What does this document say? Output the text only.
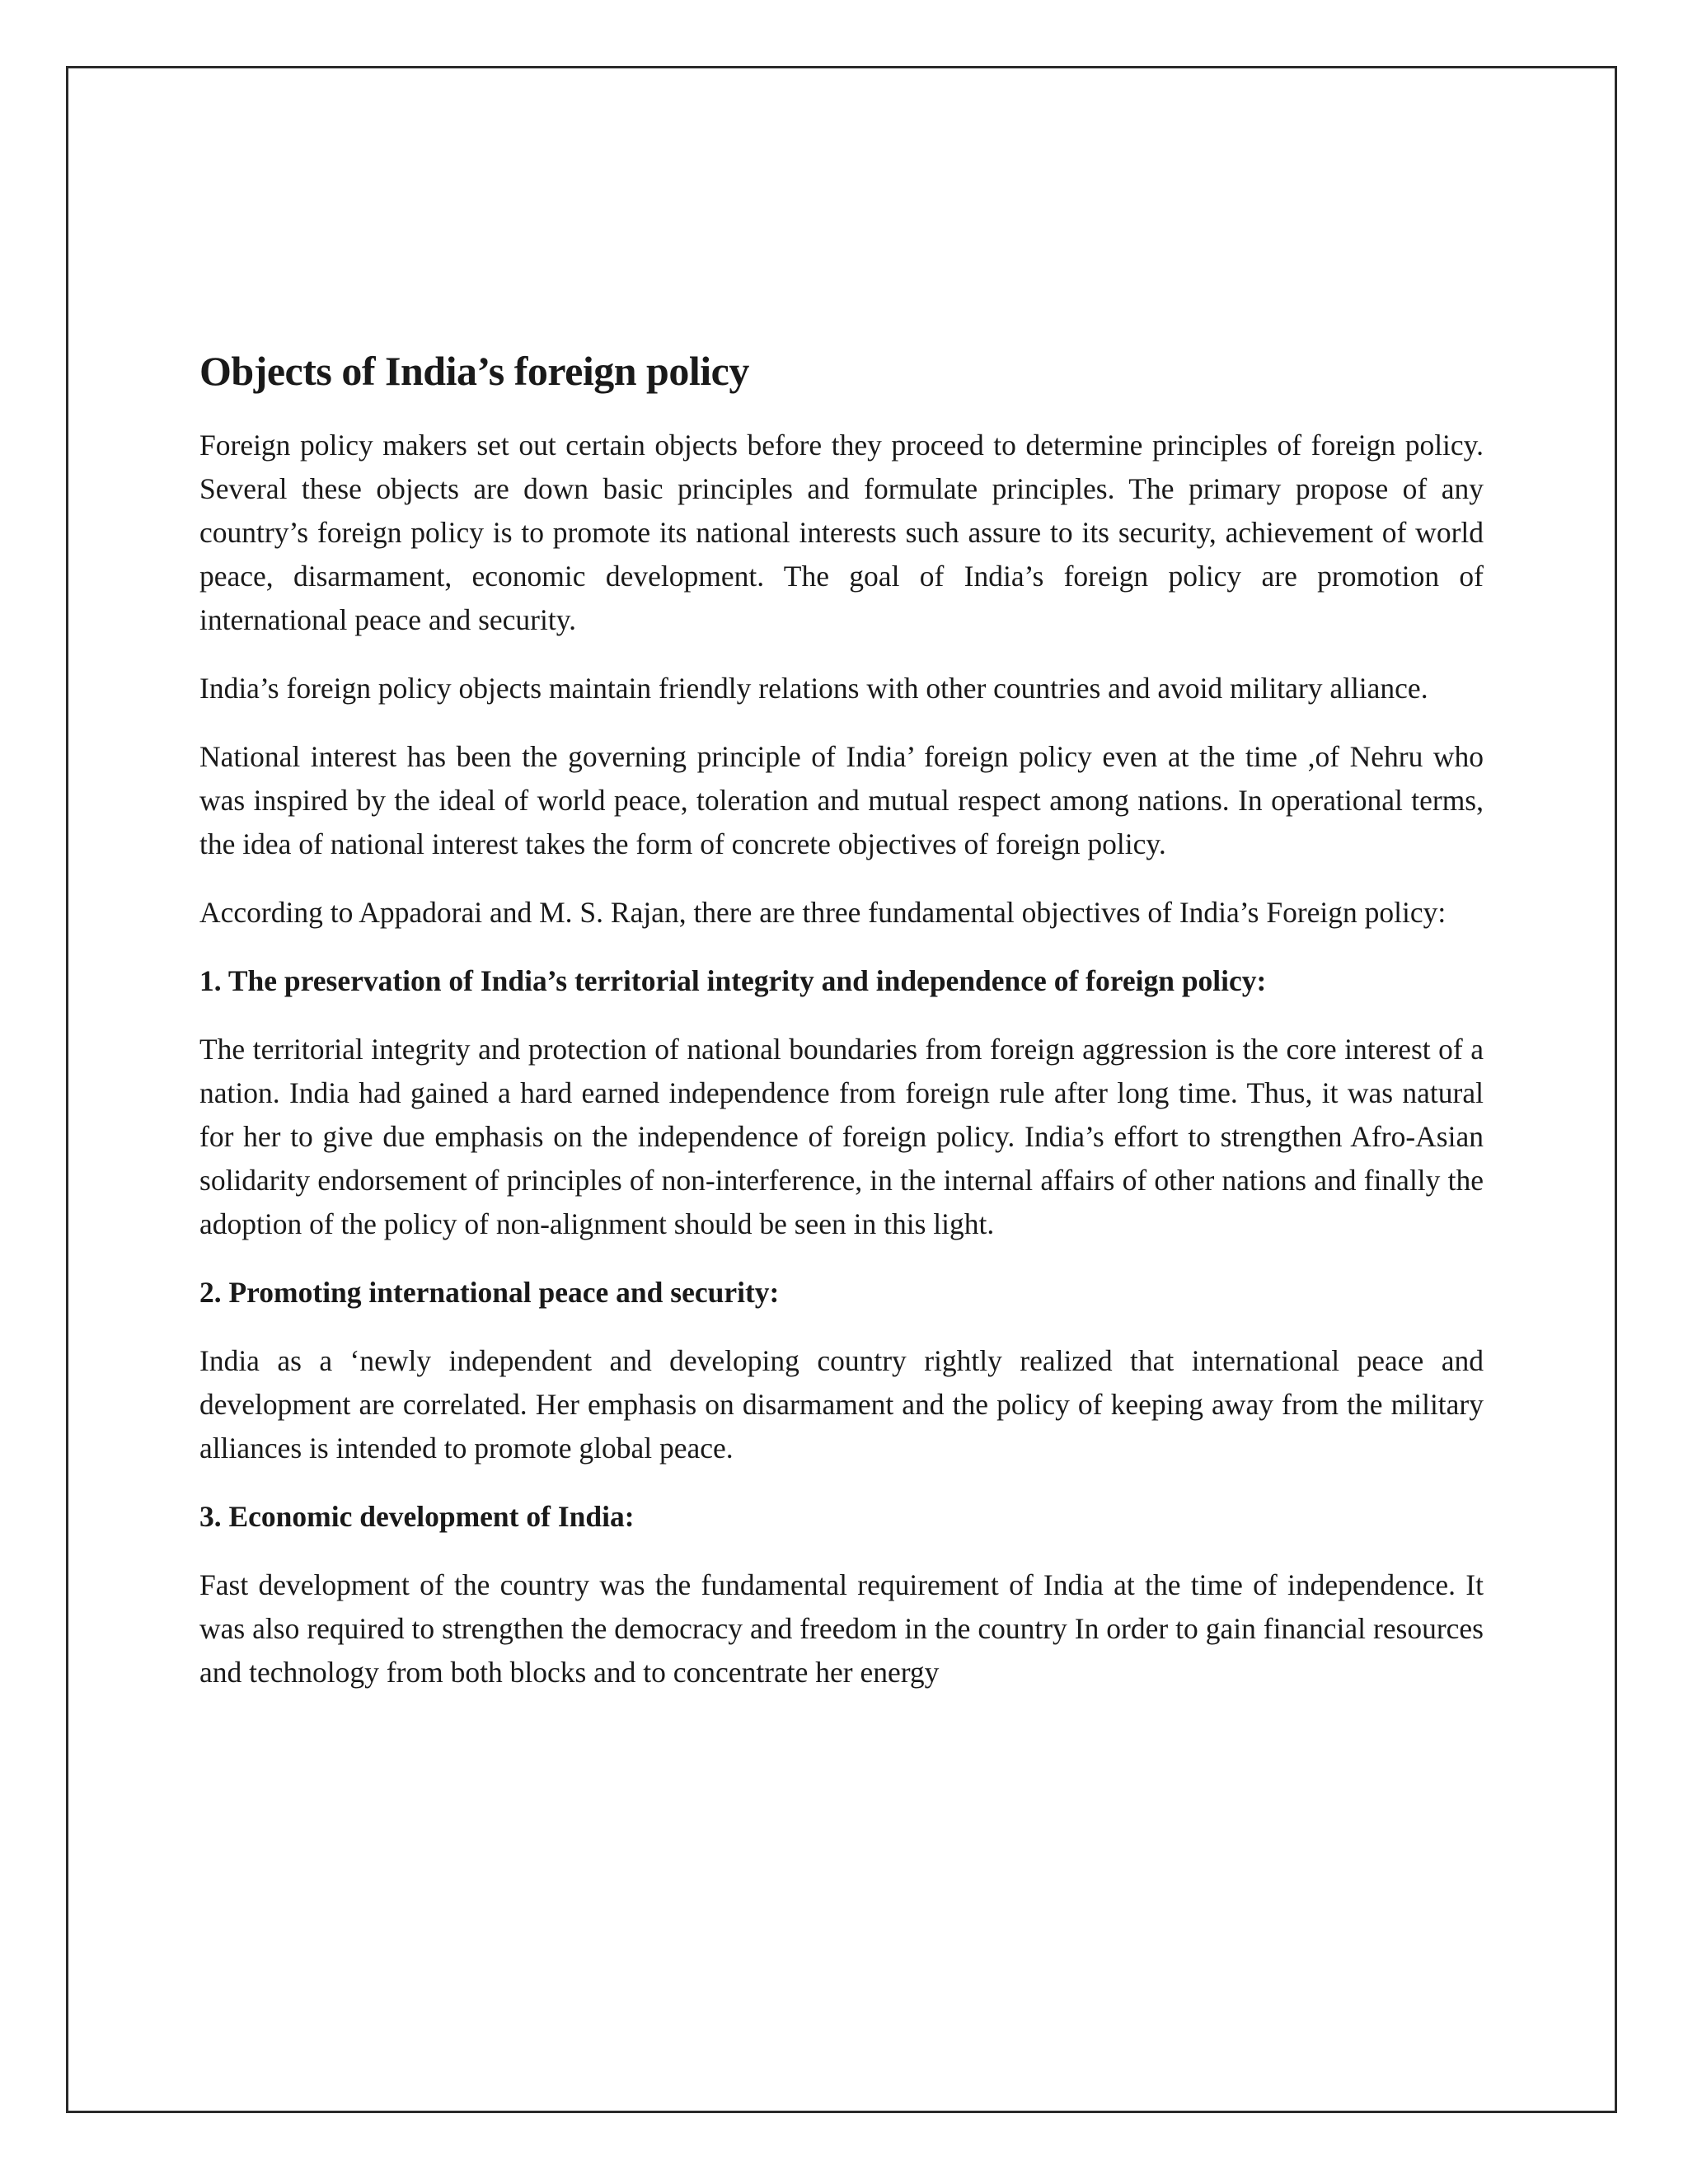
Objects of India’s foreign policy

Foreign policy makers set out certain objects before they proceed to determine principles of foreign policy. Several these objects are down basic principles and formulate principles. The primary propose of any country’s foreign policy is to promote its national interests such assure to its security, achievement of world peace, disarmament, economic development. The goal of India’s foreign policy are promotion of international peace and security.

India’s foreign policy objects maintain friendly relations with other countries and avoid military alliance.

National interest has been the governing principle of India’ foreign policy even at the time ,of Nehru who was inspired by the ideal of world peace, toleration and mutual respect among nations. In operational terms, the idea of national interest takes the form of concrete objectives of foreign policy.

According to Appadorai and M. S. Rajan, there are three fundamental objectives of India’s Foreign policy:

1. The preservation of India’s territorial integrity and independence of foreign policy:

The territorial integrity and protection of national boundaries from foreign aggression is the core interest of a nation. India had gained a hard earned independence from foreign rule after long time. Thus, it was natural for her to give due emphasis on the independence of foreign policy. India’s effort to strengthen Afro-Asian solidarity endorsement of principles of non-interference, in the internal affairs of other nations and finally the adoption of the policy of non-alignment should be seen in this light.

2. Promoting international peace and security:

India as a ‘newly independent and developing country rightly realized that international peace and development are correlated. Her emphasis on disarmament and the policy of keeping away from the military alliances is intended to promote global peace.

3. Economic development of India:

Fast development of the country was the fundamental requirement of India at the time of independence. It was also required to strengthen the democracy and freedom in the country In order to gain financial resources and technology from both blocks and to concentrate her energy
